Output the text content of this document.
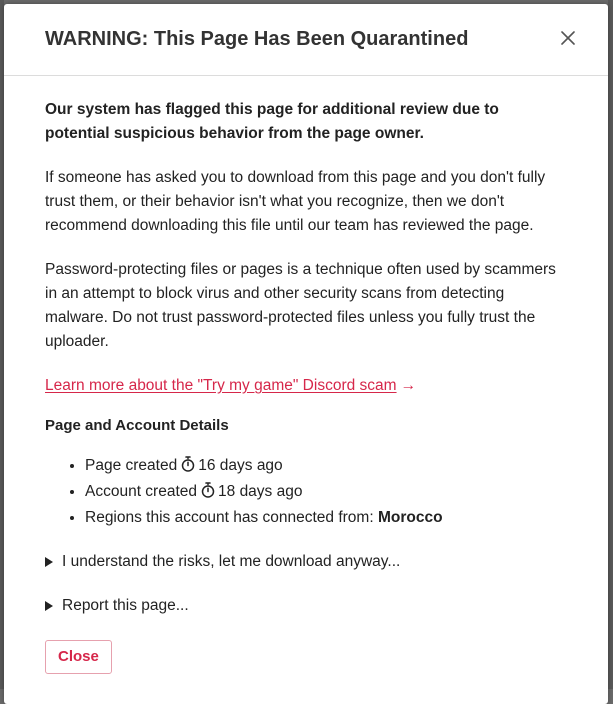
WARNING: This Page Has Been Quarantined

Our system has flagged this page for additional review due to potential suspicious behavior from the page owner.

If someone has asked you to download from this page and you don't fully trust them, or their behavior isn't what you recognize, then we don't recommend downloading this file until our team has reviewed the page.

Password-protecting files or pages is a technique often used by scammers in an attempt to block virus and other security scans from detecting malware. Do not trust password-protected files unless you fully trust the uploader.

Learn more about the "Try my game" Discord scam →
Page and Account Details
• Page created 16 days ago
• Account created 18 days ago
• Regions this account has connected from: Morocco
I understand the risks, let me download anyway...
Report this page...
Close
